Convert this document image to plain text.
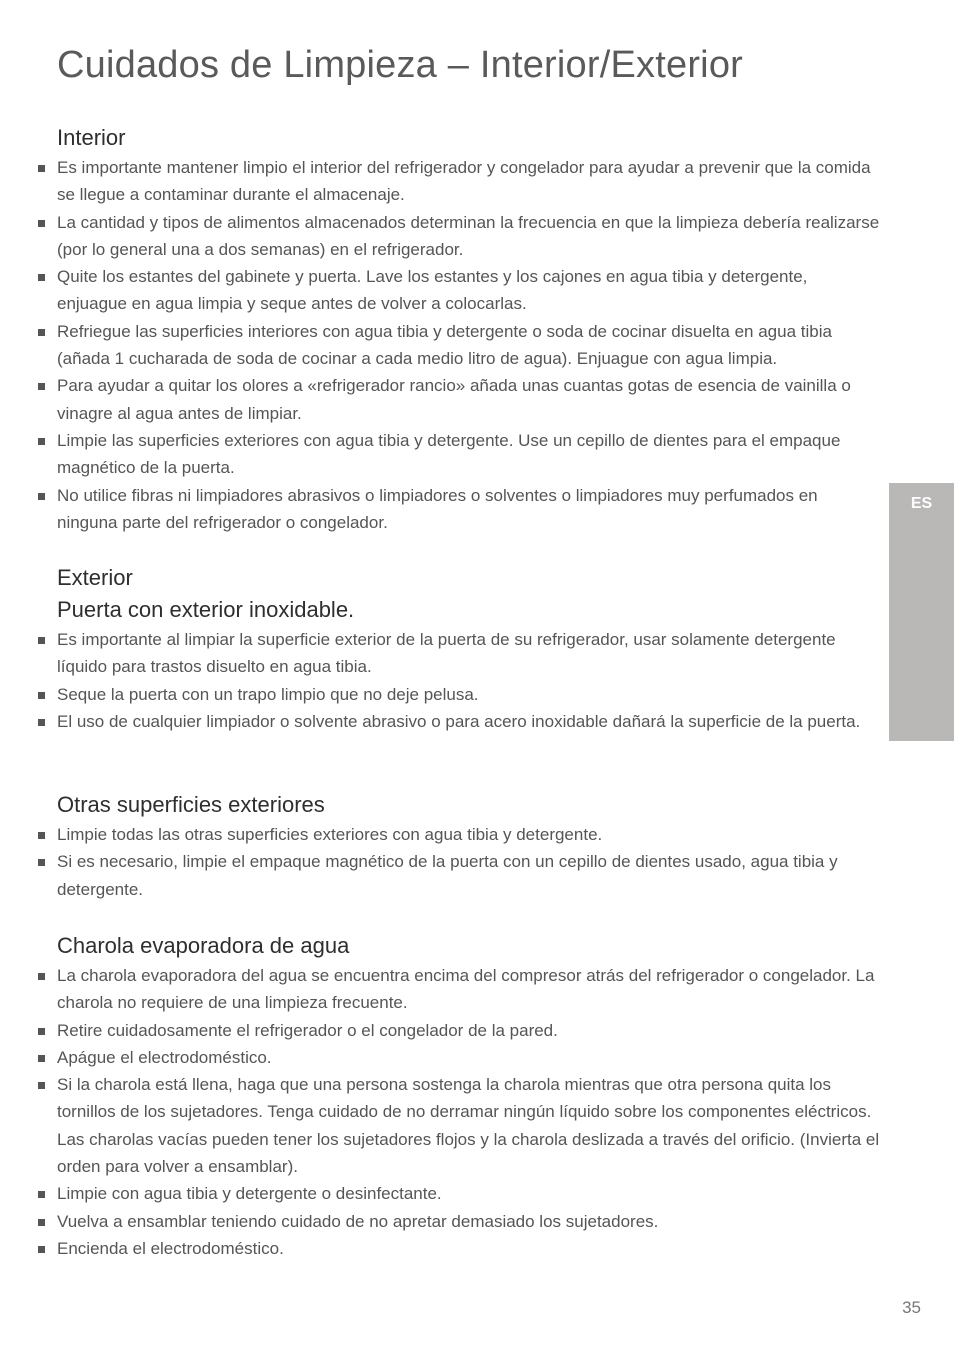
Cuidados de Limpieza – Interior/Exterior
ES
Interior
Es importante mantener limpio el interior del refrigerador y congelador para ayudar a prevenir que la comida se llegue a contaminar durante el almacenaje.
La cantidad y tipos de alimentos almacenados determinan la frecuencia en que la limpieza debería realizarse (por lo general una a dos semanas) en el refrigerador.
Quite los estantes del gabinete y puerta. Lave los estantes y los cajones en agua tibia y detergente, enjuague en agua limpia y seque antes de volver a colocarlas.
Refriegue las superficies interiores con agua tibia y detergente o soda de cocinar disuelta en agua tibia (añada 1 cucharada de soda de cocinar a cada medio litro de agua). Enjuague con agua limpia.
Para ayudar a quitar los olores a «refrigerador rancio» añada unas cuantas gotas de esencia de vainilla o vinagre al agua antes de limpiar.
Limpie las superficies exteriores con agua tibia y detergente. Use un cepillo de dientes para el empaque magnético de la puerta.
No utilice fibras ni limpiadores abrasivos o limpiadores o solventes o limpiadores muy perfumados en ninguna parte del refrigerador o congelador.
Exterior
Puerta con exterior inoxidable.
Es importante al limpiar la superficie exterior de la puerta de su refrigerador, usar solamente detergente líquido para trastos disuelto en agua tibia.
Seque la puerta con un trapo limpio que no deje pelusa.
El uso de cualquier limpiador o solvente abrasivo o para acero inoxidable dañará la superficie de la puerta.
Otras superficies exteriores
Limpie todas las otras superficies exteriores con agua tibia y detergente.
Si es necesario, limpie el empaque magnético de la puerta con un cepillo de dientes usado, agua tibia y detergente.
Charola evaporadora de agua
La charola evaporadora del agua se encuentra encima del compresor atrás del refrigerador o congelador. La charola no requiere de una limpieza frecuente.
Retire cuidadosamente el refrigerador o el congelador de la pared.
Apágue el electrodoméstico.
Si la charola está llena, haga que una persona sostenga la charola mientras que otra persona quita los tornillos de los sujetadores. Tenga cuidado de no derramar ningún líquido sobre los componentes eléctricos. Las charolas vacías pueden tener los sujetadores flojos y la charola deslizada a través del orificio. (Invierta el orden para volver a ensamblar).
Limpie con agua tibia y detergente o desinfectante.
Vuelva a ensamblar teniendo cuidado de no apretar demasiado los sujetadores.
Encienda el electrodoméstico.
35
